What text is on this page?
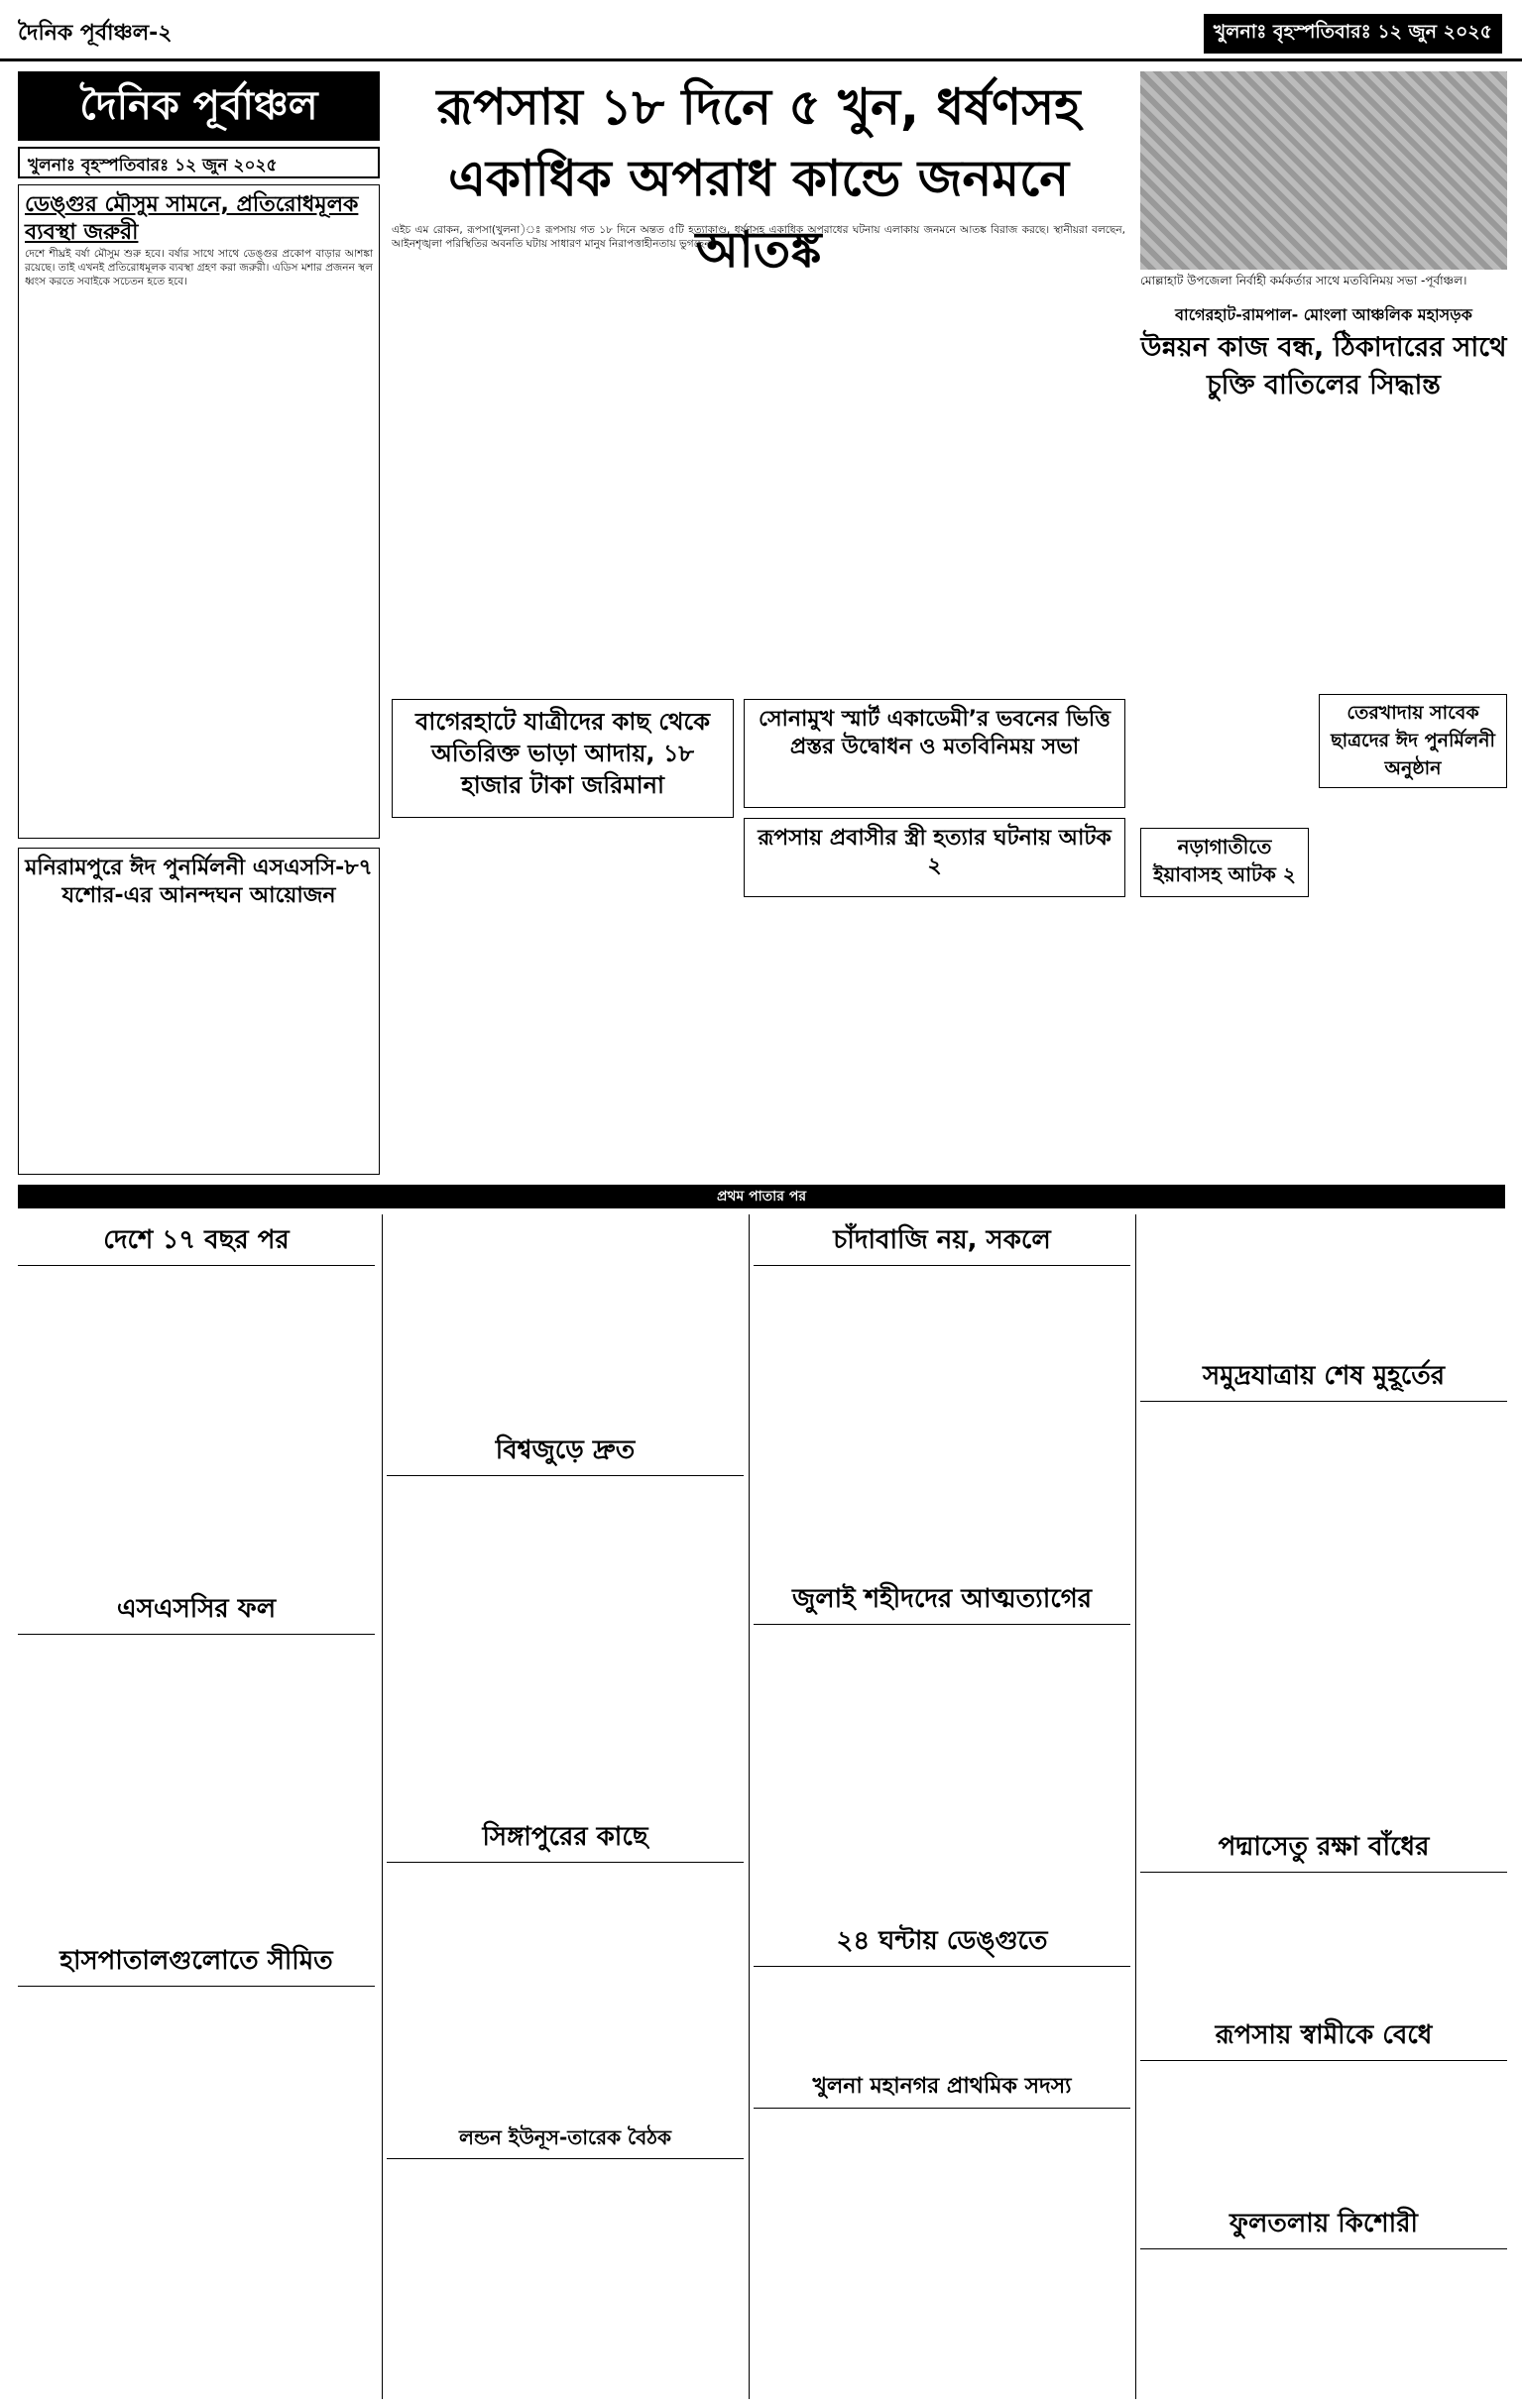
দৈনিক পূর্বাঞ্চল-২	খুলনাঃ বৃহস্পতিবারঃ ১২ জুন ২০২৫
দৈনিক পূর্বাঞ্চল
খুলনাঃ বৃহস্পতিবারঃ ১২ জুন ২০২৫
রূপসায় ১৮ দিনে ৫ খুন, ধর্ষণসহ একাধিক অপরাধ কান্ডে জনমনে আতঙ্ক
মোল্লাহাট উপজেলা নির্বাহী কর্মকর্তার সাথে মতবিনিময় সভা -পূর্বাঞ্চল।
ডেঙ্গুর মৌসুম সামনে, প্রতিরোধমূলক ব্যবস্থা জরুরী
দেশে শীঘ্রই বর্ষা মৌসুম শুরু হবে। বর্ষার সাথে সাথে ডেঙ্গুর প্রকোপ বাড়ার আশঙ্কা রয়েছে। তাই এখনই প্রতিরোধমূলক ব্যবস্থা গ্রহণ করা জরুরী। এডিস মশার প্রজনন স্থল ধ্বংস করতে সবাইকে সচেতন হতে হবে।
মনিরামপুরে ঈদ পুনর্মিলনী এসএসসি-৮৭ যশোর-এর আনন্দঘন আয়োজন
এইচ এম রোকন, রূপসা(খুলনা)ঃ রূপসায় গত ১৮ দিনে অন্তত ৫টি হত্যাকাণ্ড, ধর্ষণসহ একাধিক অপরাধের ঘটনায় এলাকায় জনমনে আতঙ্ক বিরাজ করছে। স্থানীয়রা বলছেন, আইনশৃঙ্খলা পরিস্থিতির অবনতি ঘটায় সাধারণ মানুষ নিরাপত্তাহীনতায় ভুগছেন।
বাগেরহাটে যাত্রীদের কাছ থেকে অতিরিক্ত ভাড়া আদায়, ১৮ হাজার টাকা জরিমানা
সোনামুখ স্মার্ট একাডেমী’র ভবনের ভিত্তি প্রস্তর উদ্বোধন ও মতবিনিময় সভা
রূপসায় প্রবাসীর স্ত্রী হত্যার ঘটনায় আটক ২
বাগেরহাট-রামপাল- মোংলা আঞ্চলিক মহাসড়ক
উন্নয়ন কাজ বন্ধ, ঠিকাদারের সাথে চুক্তি বাতিলের সিদ্ধান্ত
তেরখাদায় সাবেক ছাত্রদের ঈদ পুনর্মিলনী অনুষ্ঠান
নড়াগাতীতে ইয়াবাসহ আটক ২
প্রথম পাতার পর
দেশে ১৭ বছর পর
এসএসসির ফল
হাসপাতালগুলোতে সীমিত
বিশ্বজুড়ে দ্রুত
সিঙ্গাপুরের কাছে
লন্ডন ইউনূস-তারেক বৈঠক
চাঁদাবাজি নয়, সকলে
জুলাই শহীদদের আত্মত্যাগের
২৪ ঘন্টায় ডেঙ্গুতে
খুলনা মহানগর প্রাথমিক সদস্য
সমুদ্রযাত্রায় শেষ মুহূর্তের
পদ্মাসেতু রক্ষা বাঁধের
রূপসায় স্বামীকে বেধে
ফুলতলায় কিশোরী
